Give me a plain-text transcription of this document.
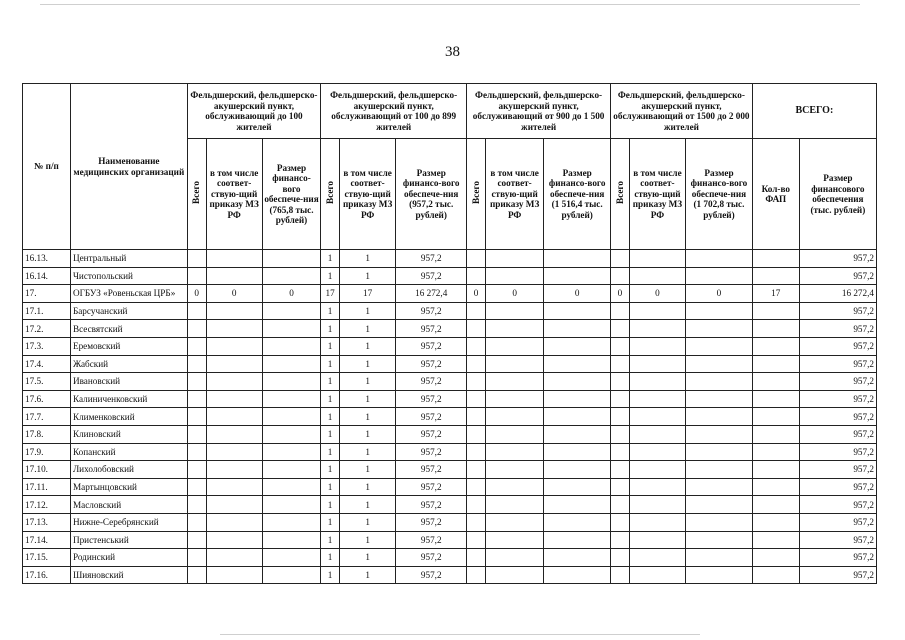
38
№ п/п	Наименование медицинских организаций	Фельдшерский, фельдшерско-акушерский пункт, обслуживающий до 100 жителей			Фельдшерский, фельдшерско-акушерский пункт, обслуживающий от 100 до 899 жителей			Фельдшерский, фельдшерско-акушерский пункт, обслуживающий от 900 до 1 500 жителей			Фельдшерский, фельдшерско-акушерский пункт, обслуживающий от 1500 до 2 000 жителей			ВСЕГО:	
		Всего	в том числе соответ-ствую-щий приказу МЗ РФ	Размер финансо-вого обеспече-ния (765,8 тыс. рублей)	Всего	в том числе соответ-ствую-щий приказу МЗ РФ	Размер финансо-вого обеспече-ния (957,2 тыс. рублей)	Всего	в том числе соответ-ствую-щий приказу МЗ РФ	Размер финансо-вого обеспече-ния (1 516,4 тыс. рублей)	Всего	в том числе соответ-ствую-щий приказу МЗ РФ	Размер финансо-вого обеспече-ния (1 702,8 тыс. рублей)	Кол-во ФАП	Размер финансового обеспечения (тыс. рублей)
16.13.	Центральный				1	1	957,2								957,2
16.14.	Чистопольский				1	1	957,2								957,2
17.	ОГБУЗ «Ровеньская ЦРБ»	0	0	0	17	17	16 272,4	0	0	0	0	0	0	17	16 272,4
17.1.	Барсучанский				1	1	957,2								957,2
17.2.	Всесвятский				1	1	957,2								957,2
17.3.	Еремовский				1	1	957,2								957,2
17.4.	Жабский				1	1	957,2								957,2
17.5.	Ивановский				1	1	957,2								957,2
17.6.	Калиниченковский				1	1	957,2								957,2
17.7.	Клименковский				1	1	957,2								957,2
17.8.	Клиновский				1	1	957,2								957,2
17.9.	Копанский				1	1	957,2								957,2
17.10.	Лихолобовский				1	1	957,2								957,2
17.11.	Мартынцовский				1	1	957,2								957,2
17.12.	Масловский				1	1	957,2								957,2
17.13.	Нижне-Серебрянский				1	1	957,2								957,2
17.14.	Пристенський				1	1	957,2								957,2
17.15.	Родинский				1	1	957,2								957,2
17.16.	Шияновский				1	1	957,2								957,2
